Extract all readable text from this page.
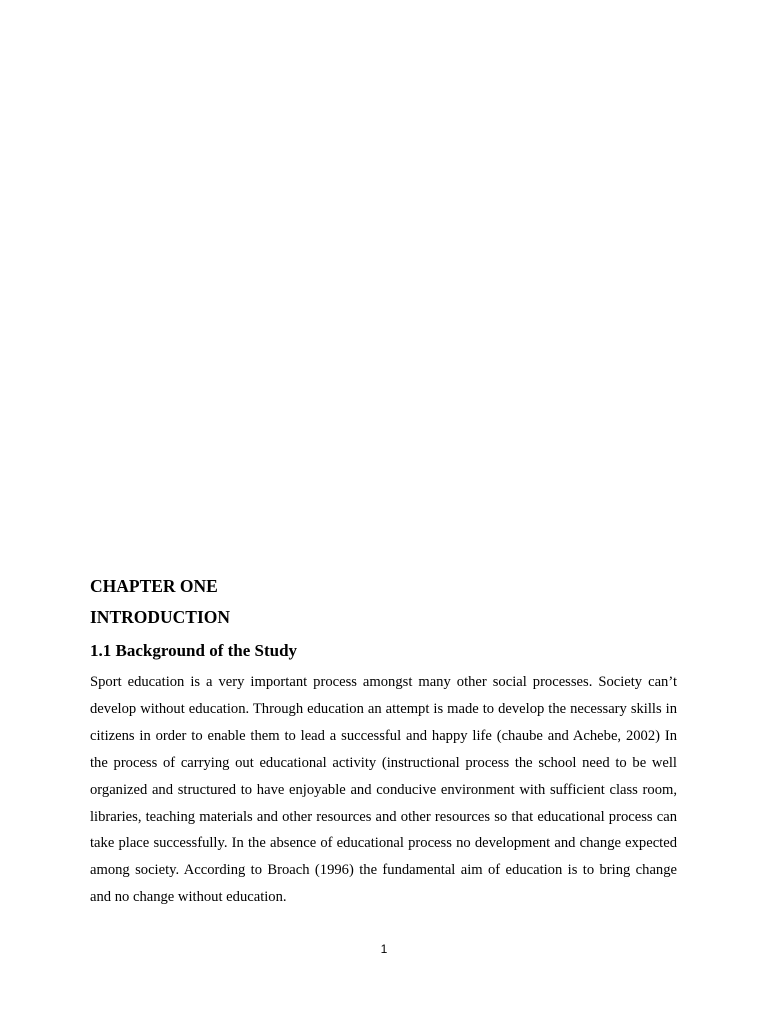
CHAPTER ONE
INTRODUCTION
1.1 Background of the Study

Sport education is a very important process amongst many other social processes. Society can’t develop without education. Through education an attempt is made to develop the necessary skills in citizens in order to enable them to lead a successful and happy life (chaube and Achebe, 2002) In the process of carrying out educational activity (instructional process the school need to be well organized and structured to have enjoyable and conducive environment with sufficient class room, libraries, teaching materials and other resources and other resources so that educational process can take place successfully. In the absence of educational process no development and change expected among society. According to Broach (1996) the fundamental aim of education is to bring change and no change without education.

1
